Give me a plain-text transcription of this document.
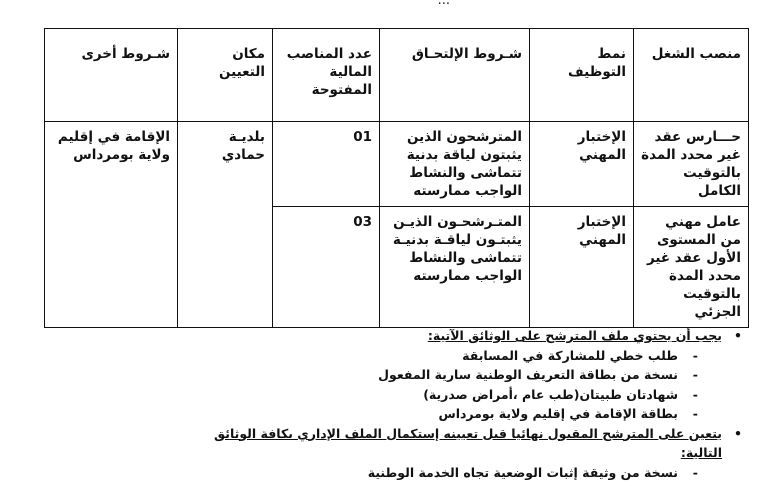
...
منصب الشغل	نمط التوظيف	شـروط الإلتحـاق	عدد المناصب المالية المفتوحة	مكان التعيين	شـروط أخرى
حـــارس عقد غير محدد المدة بالتوقيت الكامل	الإختبار المهني	المترشحون الذين يثبتون لياقة بدنية تتماشى والنشاط الواجب ممارسته	01	بلديـة حمادي	الإقامة في إقليم ولاية بومرداس
عامل مهني من المستوى الأول عقد غير محدد المدة بالتوقيت الجزئي	الإختبار المهني	المتـرشحـون الذيـن يثبتـون لياقـة بدنيـة تتماشى والنشاط الواجب ممارسته	03		
•
يجب أن يحتوي ملف المترشح على الوثائق الآتية:
-
طلب خطي للمشاركة في المسابقة
-
نسخة من بطاقة التعريف الوطنية سارية المفعول
-
شهادتان طبيتان(طب عام ،أمراض صدرية)
-
بطاقة الإقامة في إقليم ولاية بومرداس
•
يتعين على المترشح المقبول نهائيا قبل تعيينه إستكمال الملف الإداري بكافة الوثائق التالية:
-
نسخة من وثيقة إثبات الوضعية تجاه الخدمة الوطنية
